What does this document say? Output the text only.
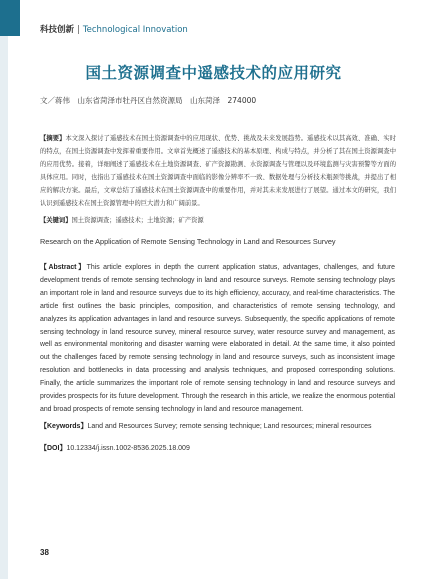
科技创新 | Technological Innovation
国土资源调查中遥感技术的应用研究
文／蒋伟　山东省菏泽市牡丹区自然资源局　山东菏泽　274000
【摘要】本文深入探讨了遥感技术在国土资源调查中的应用现状、优势、挑战及未来发展趋势。遥感技术以其高效、准确、实时的特点，在国土资源调查中发挥着重要作用。文章首先概述了遥感技术的基本原理、构成与特点，并分析了其在国土资源调查中的应用优势。接着，详细阐述了遥感技术在土地资源调查、矿产资源勘测、水资源调查与管理以及环境监测与灾害预警等方面的具体应用。同时，也指出了遥感技术在国土资源调查中面临的影像分辨率不一致、数据处理与分析技术瓶颈等挑战，并提出了相应的解决方案。最后，文章总结了遥感技术在国土资源调查中的重要作用，并对其未来发展进行了展望。通过本文的研究，我们认识到遥感技术在国土资源管理中的巨大潜力和广阔前景。
【关键词】国土资源调查；遥感技术；土地资源；矿产资源
Research on the Application of Remote Sensing Technology in Land and Resources Survey
【Abstract】This article explores in depth the current application status, advantages, challenges, and future development trends of remote sensing technology in land and resource surveys. Remote sensing technology plays an important role in land and resource surveys due to its high efficiency, accuracy, and real-time characteristics. The article first outlines the basic principles, composition, and characteristics of remote sensing technology, and analyzes its application advantages in land and resource surveys. Subsequently, the specific applications of remote sensing technology in land resource survey, mineral resource survey, water resource survey and management, as well as environmental monitoring and disaster warning were elaborated in detail. At the same time, it also pointed out the challenges faced by remote sensing technology in land and resource surveys, such as inconsistent image resolution and bottlenecks in data processing and analysis techniques, and proposed corresponding solutions. Finally, the article summarizes the important role of remote sensing technology in land and resource surveys and provides prospects for its future development. Through the research in this article, we realize the enormous potential and broad prospects of remote sensing technology in land and resource management.
【Keywords】Land and Resources Survey; remote sensing technique; Land resources; mineral resources
【DOI】10.12334/j.issn.1002-8536.2025.18.009
38
